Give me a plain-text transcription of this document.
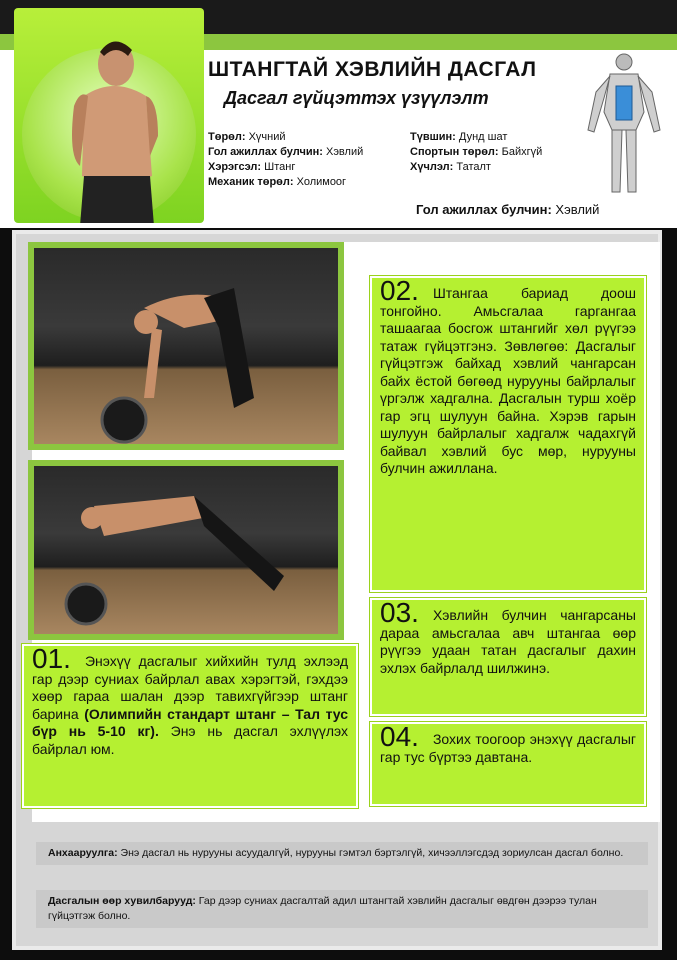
ШТАНГТАЙ ХЭВЛИЙН ДАСГАЛ
Дасгал гүйцэттэх үзүүлэлт
Төрөл: Хүчний
Гол ажиллах булчин: Хэвлий
Хэрэгсэл: Штанг
Механик төрөл: Холимоог
Түвшин: Дунд шат
Спортын төрөл: Байхгүй
Хүчлэл: Таталт
Гол ажиллах булчин: Хэвлий
02. Штангаа бариад доош тонгойно. Амьсгалаа гаргангаа ташаагаа босгож штангийг хөл рүүгээ татаж гүйцэтгэнэ. Зөвлөгөө: Дасгалыг гүйцэтгэж байхад хэвлий чангарсан байх ёстой бөгөөд нурууны байрлалыг үргэлж хадгална. Дасгалын турш хоёр гар эгц шулуун байна. Хэрэв гарын шулуун байрлалыг хадгалж чадахгүй байвал хэвлий бус мөр, нурууны булчин ажиллана.
03. Хэвлийн булчин чангарсаны дараа амьсгалаа авч штангаа өөр рүүгээ удаан татан дасгалыг дахин эхлэх байрлалд шилжинэ.
04. Зохих тоогоор энэхүү дасгалыг гар тус бүртээ давтана.
01. Энэхүү дасгалыг хийхийн тулд эхлээд гар дээр суниах байрлал авах хэрэгтэй, гэхдээ хөөр гараа шалан дээр тавихгүйгээр штанг барина (Олимпийн стандарт штанг – Тал тус бүр нь 5-10 кг). Энэ нь дасгал эхлүүлэх байрлал юм.
Анхааруулга: Энэ дасгал нь нурууны асуудалгүй, нурууны гэмтэл бэртэлгүй, хичээллэгсдэд зориулсан дасгал болно.
Дасгалын өөр хувилбарууд: Гар дээр суниах дасгалтай адил штангтай хэвлийн дасгалыг өвдгөн дээрээ тулан гүйцэтгэж болно.
